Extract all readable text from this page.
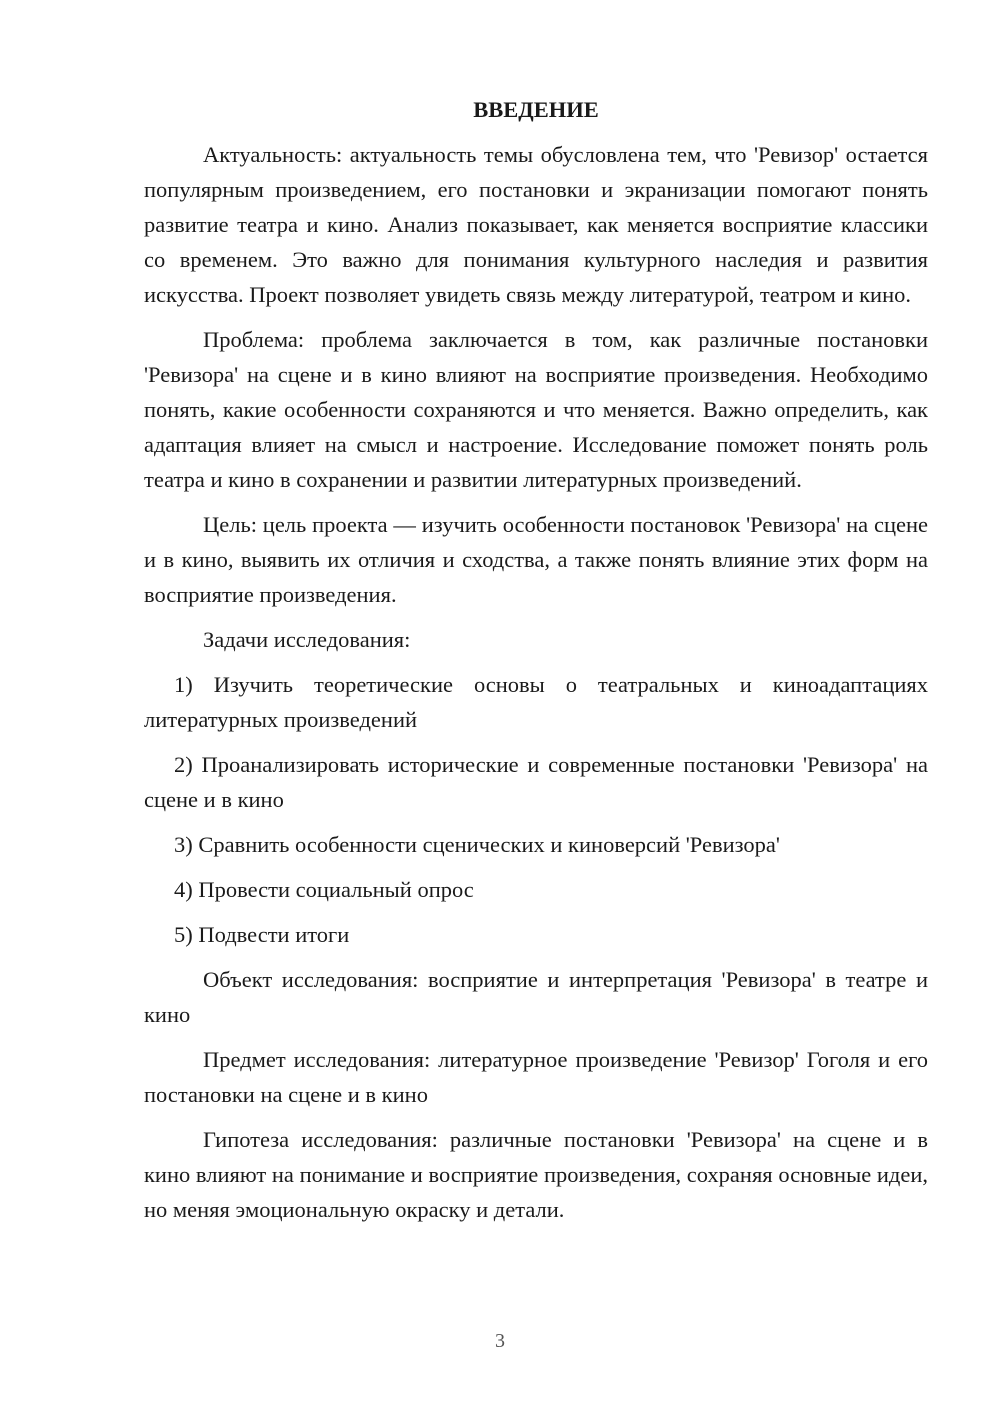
ВВЕДЕНИЕ

Актуальность: актуальность темы обусловлена тем, что 'Ревизор' остается популярным произведением, его постановки и экранизации помогают понять развитие театра и кино. Анализ показывает, как меняется восприятие классики со временем. Это важно для понимания культурного наследия и развития искусства. Проект позволяет увидеть связь между литературой, театром и кино.

Проблема: проблема заключается в том, как различные постановки 'Ревизора' на сцене и в кино влияют на восприятие произведения. Необходимо понять, какие особенности сохраняются и что меняется. Важно определить, как адаптация влияет на смысл и настроение. Исследование поможет понять роль театра и кино в сохранении и развитии литературных произведений.

Цель: цель проекта — изучить особенности постановок 'Ревизора' на сцене и в кино, выявить их отличия и сходства, а также понять влияние этих форм на восприятие произведения.

Задачи исследования:

1) Изучить теоретические основы о театральных и киноадаптациях литературных произведений

2) Проанализировать исторические и современные постановки 'Ревизора' на сцене и в кино

3) Сравнить особенности сценических и киноверсий 'Ревизора'

4) Провести социальный опрос

5) Подвести итоги

Объект исследования: восприятие и интерпретация 'Ревизора' в театре и кино

Предмет исследования: литературное произведение 'Ревизор' Гоголя и его постановки на сцене и в кино

Гипотеза исследования: различные постановки 'Ревизора' на сцене и в кино влияют на понимание и восприятие произведения, сохраняя основные идеи, но меняя эмоциональную окраску и детали.

3
